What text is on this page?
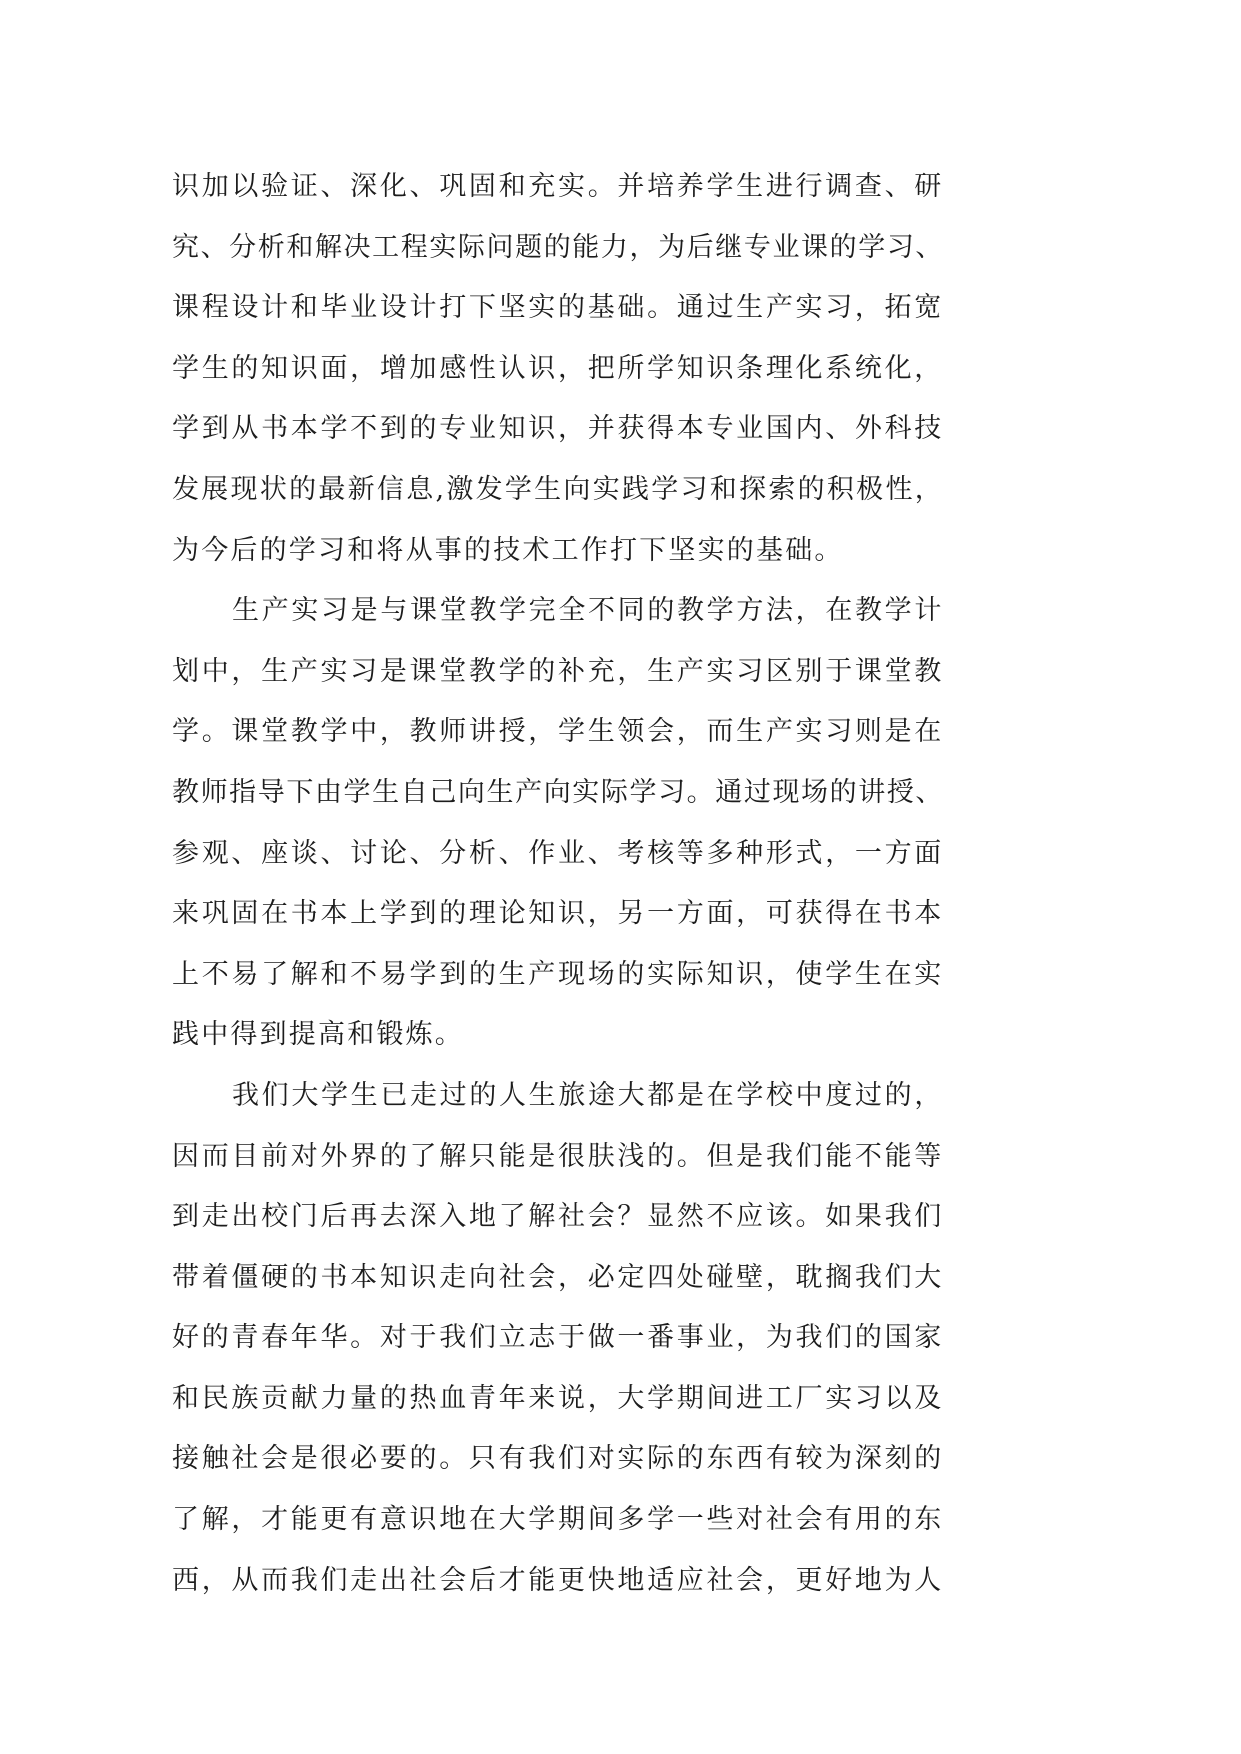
识加以验证、深化、巩固和充实。并培养学生进行调查、研
究、分析和解决工程实际问题的能力，为后继专业课的学习、
课程设计和毕业设计打下坚实的基础。通过生产实习，拓宽
学生的知识面，增加感性认识，把所学知识条理化系统化，
学到从书本学不到的专业知识，并获得本专业国内、外科技
发展现状的最新信息,激发学生向实践学习和探索的积极性，
为今后的学习和将从事的技术工作打下坚实的基础。
生产实习是与课堂教学完全不同的教学方法，在教学计
划中，生产实习是课堂教学的补充，生产实习区别于课堂教
学。课堂教学中，教师讲授，学生领会，而生产实习则是在
教师指导下由学生自己向生产向实际学习。通过现场的讲授、
参观、座谈、讨论、分析、作业、考核等多种形式，一方面
来巩固在书本上学到的理论知识，另一方面，可获得在书本
上不易了解和不易学到的生产现场的实际知识，使学生在实
践中得到提高和锻炼。
我们大学生已走过的人生旅途大都是在学校中度过的，
因而目前对外界的了解只能是很肤浅的。但是我们能不能等
到走出校门后再去深入地了解社会？显然不应该。如果我们
带着僵硬的书本知识走向社会，必定四处碰壁，耽搁我们大
好的青春年华。对于我们立志于做一番事业，为我们的国家
和民族贡献力量的热血青年来说，大学期间进工厂实习以及
接触社会是很必要的。只有我们对实际的东西有较为深刻的
了解，才能更有意识地在大学期间多学一些对社会有用的东
西，从而我们走出社会后才能更快地适应社会，更好地为人
